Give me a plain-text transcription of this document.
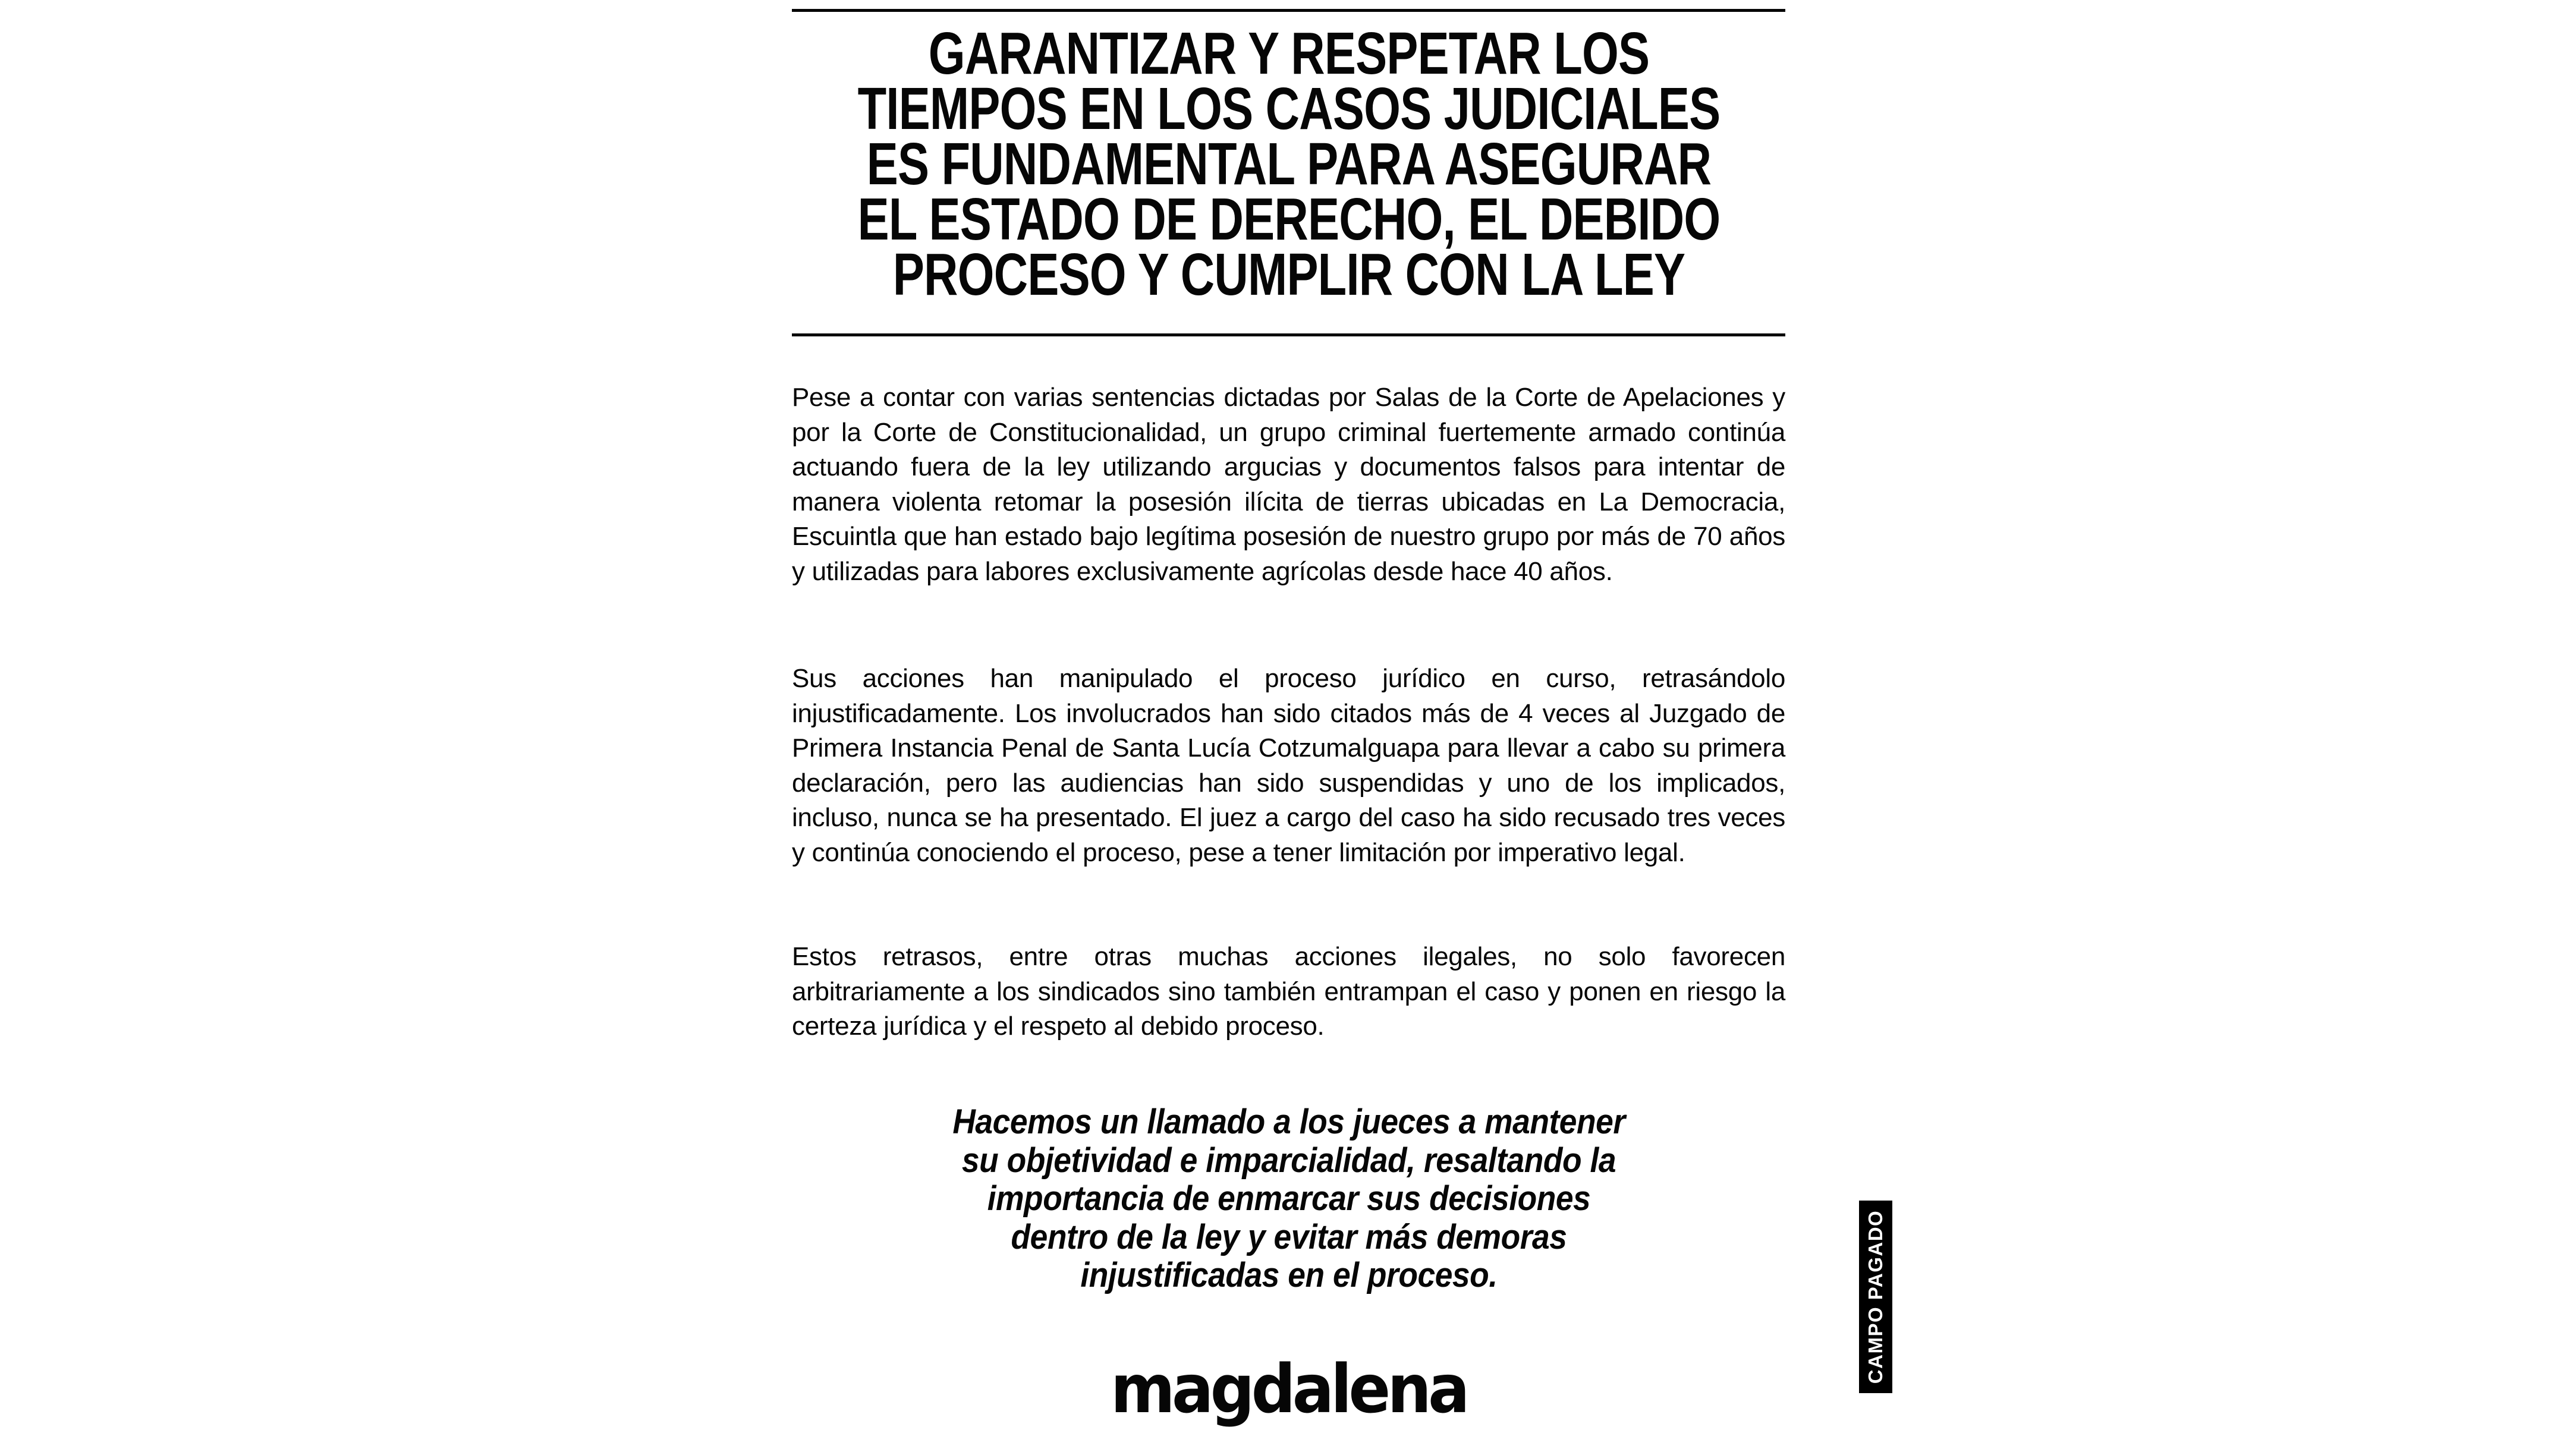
GARANTIZAR Y RESPETAR LOS
TIEMPOS EN LOS CASOS JUDICIALES
ES FUNDAMENTAL PARA ASEGURAR
EL ESTADO DE DERECHO, EL DEBIDO
PROCESO Y CUMPLIR CON LA LEY

Pese a contar con varias sentencias dictadas por Salas de la Corte de Apelaciones y por la Corte de Constitucionalidad, un grupo criminal fuertemente armado continúa actuando fuera de la ley utilizando argucias y documentos falsos para intentar de manera violenta retomar la posesión ilícita de tierras ubicadas en La Democracia, Escuintla que han estado bajo legítima posesión de nuestro grupo por más de 70 años y utilizadas para labores exclusivamente agrícolas desde hace 40 años.

Sus acciones han manipulado el proceso jurídico en curso, retrasándolo injustificadamente. Los involucrados han sido citados más de 4 veces al Juzgado de Primera Instancia Penal de Santa Lucía Cotzumalguapa para llevar a cabo su primera declaración, pero las audiencias han sido suspendidas y uno de los implicados, incluso, nunca se ha presentado. El juez a cargo del caso ha sido recusado tres veces y continúa conociendo el proceso, pese a tener limitación por imperativo legal.

Estos retrasos, entre otras muchas acciones ilegales, no solo favorecen arbitrariamente a los sindicados sino también entrampan el caso y ponen en riesgo la certeza jurídica y el respeto al debido proceso.

Hacemos un llamado a los jueces a mantener
su objetividad e imparcialidad, resaltando la
importancia de enmarcar sus decisiones
dentro de la ley y evitar más demoras
injustificadas en el proceso.
magdalena
CAMPO PAGADO
